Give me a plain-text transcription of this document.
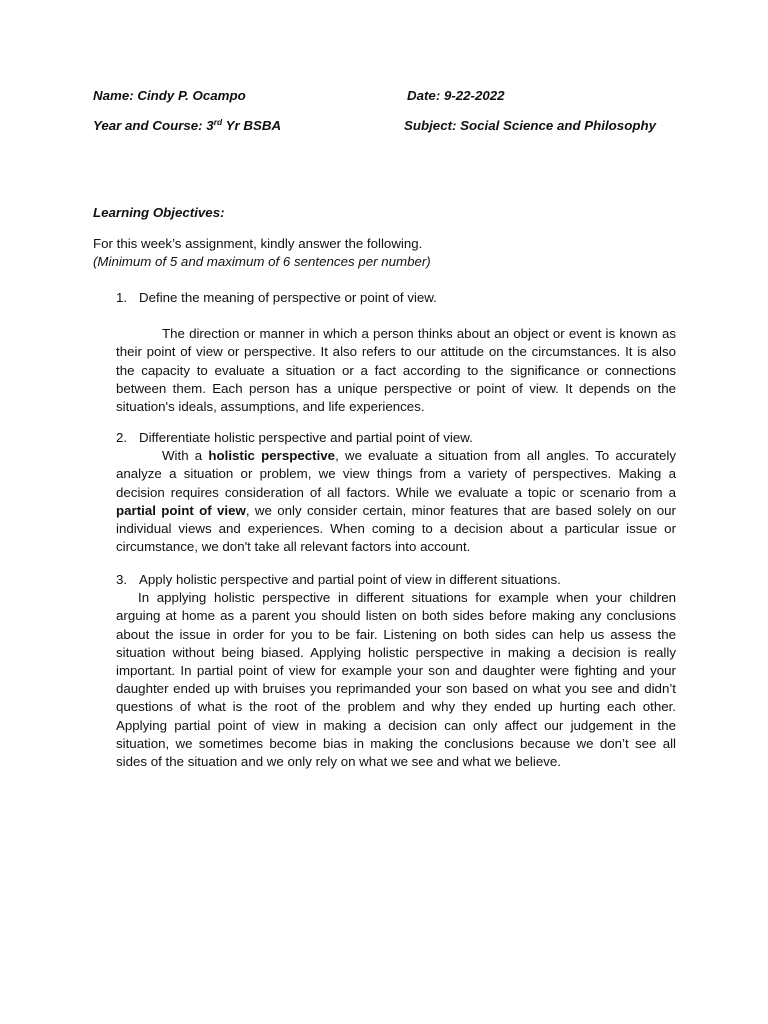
Name: Cindy P. Ocampo	Date: 9-22-2022
Year and Course: 3rd Yr BSBA	Subject: Social Science and Philosophy
Learning Objectives:
For this week’s assignment, kindly answer the following.
(Minimum of 5 and maximum of 6 sentences per number)
1. Define the meaning of perspective or point of view.
The direction or manner in which a person thinks about an object or event is known as their point of view or perspective. It also refers to our attitude on the circumstances. It is also the capacity to evaluate a situation or a fact according to the significance or connections between them. Each person has a unique perspective or point of view. It depends on the situation's ideals, assumptions, and life experiences.
2. Differentiate holistic perspective and partial point of view.
With a holistic perspective, we evaluate a situation from all angles. To accurately analyze a situation or problem, we view things from a variety of perspectives. Making a decision requires consideration of all factors. While we evaluate a topic or scenario from a partial point of view, we only consider certain, minor features that are based solely on our individual views and experiences. When coming to a decision about a particular issue or circumstance, we don't take all relevant factors into account.
3. Apply holistic perspective and partial point of view in different situations.
In applying holistic perspective in different situations for example when your children arguing at home as a parent you should listen on both sides before making any conclusions about the issue in order for you to be fair. Listening on both sides can help us assess the situation without being biased. Applying holistic perspective in making a decision is really important. In partial point of view for example your son and daughter were fighting and your daughter ended up with bruises you reprimanded your son based on what you see and didn’t questions of what is the root of the problem and why they ended up hurting each other. Applying partial point of view in making a decision can only affect our judgement in the situation, we sometimes become bias in making the conclusions because we don’t see all sides of the situation and we only rely on what we see and what we believe.
